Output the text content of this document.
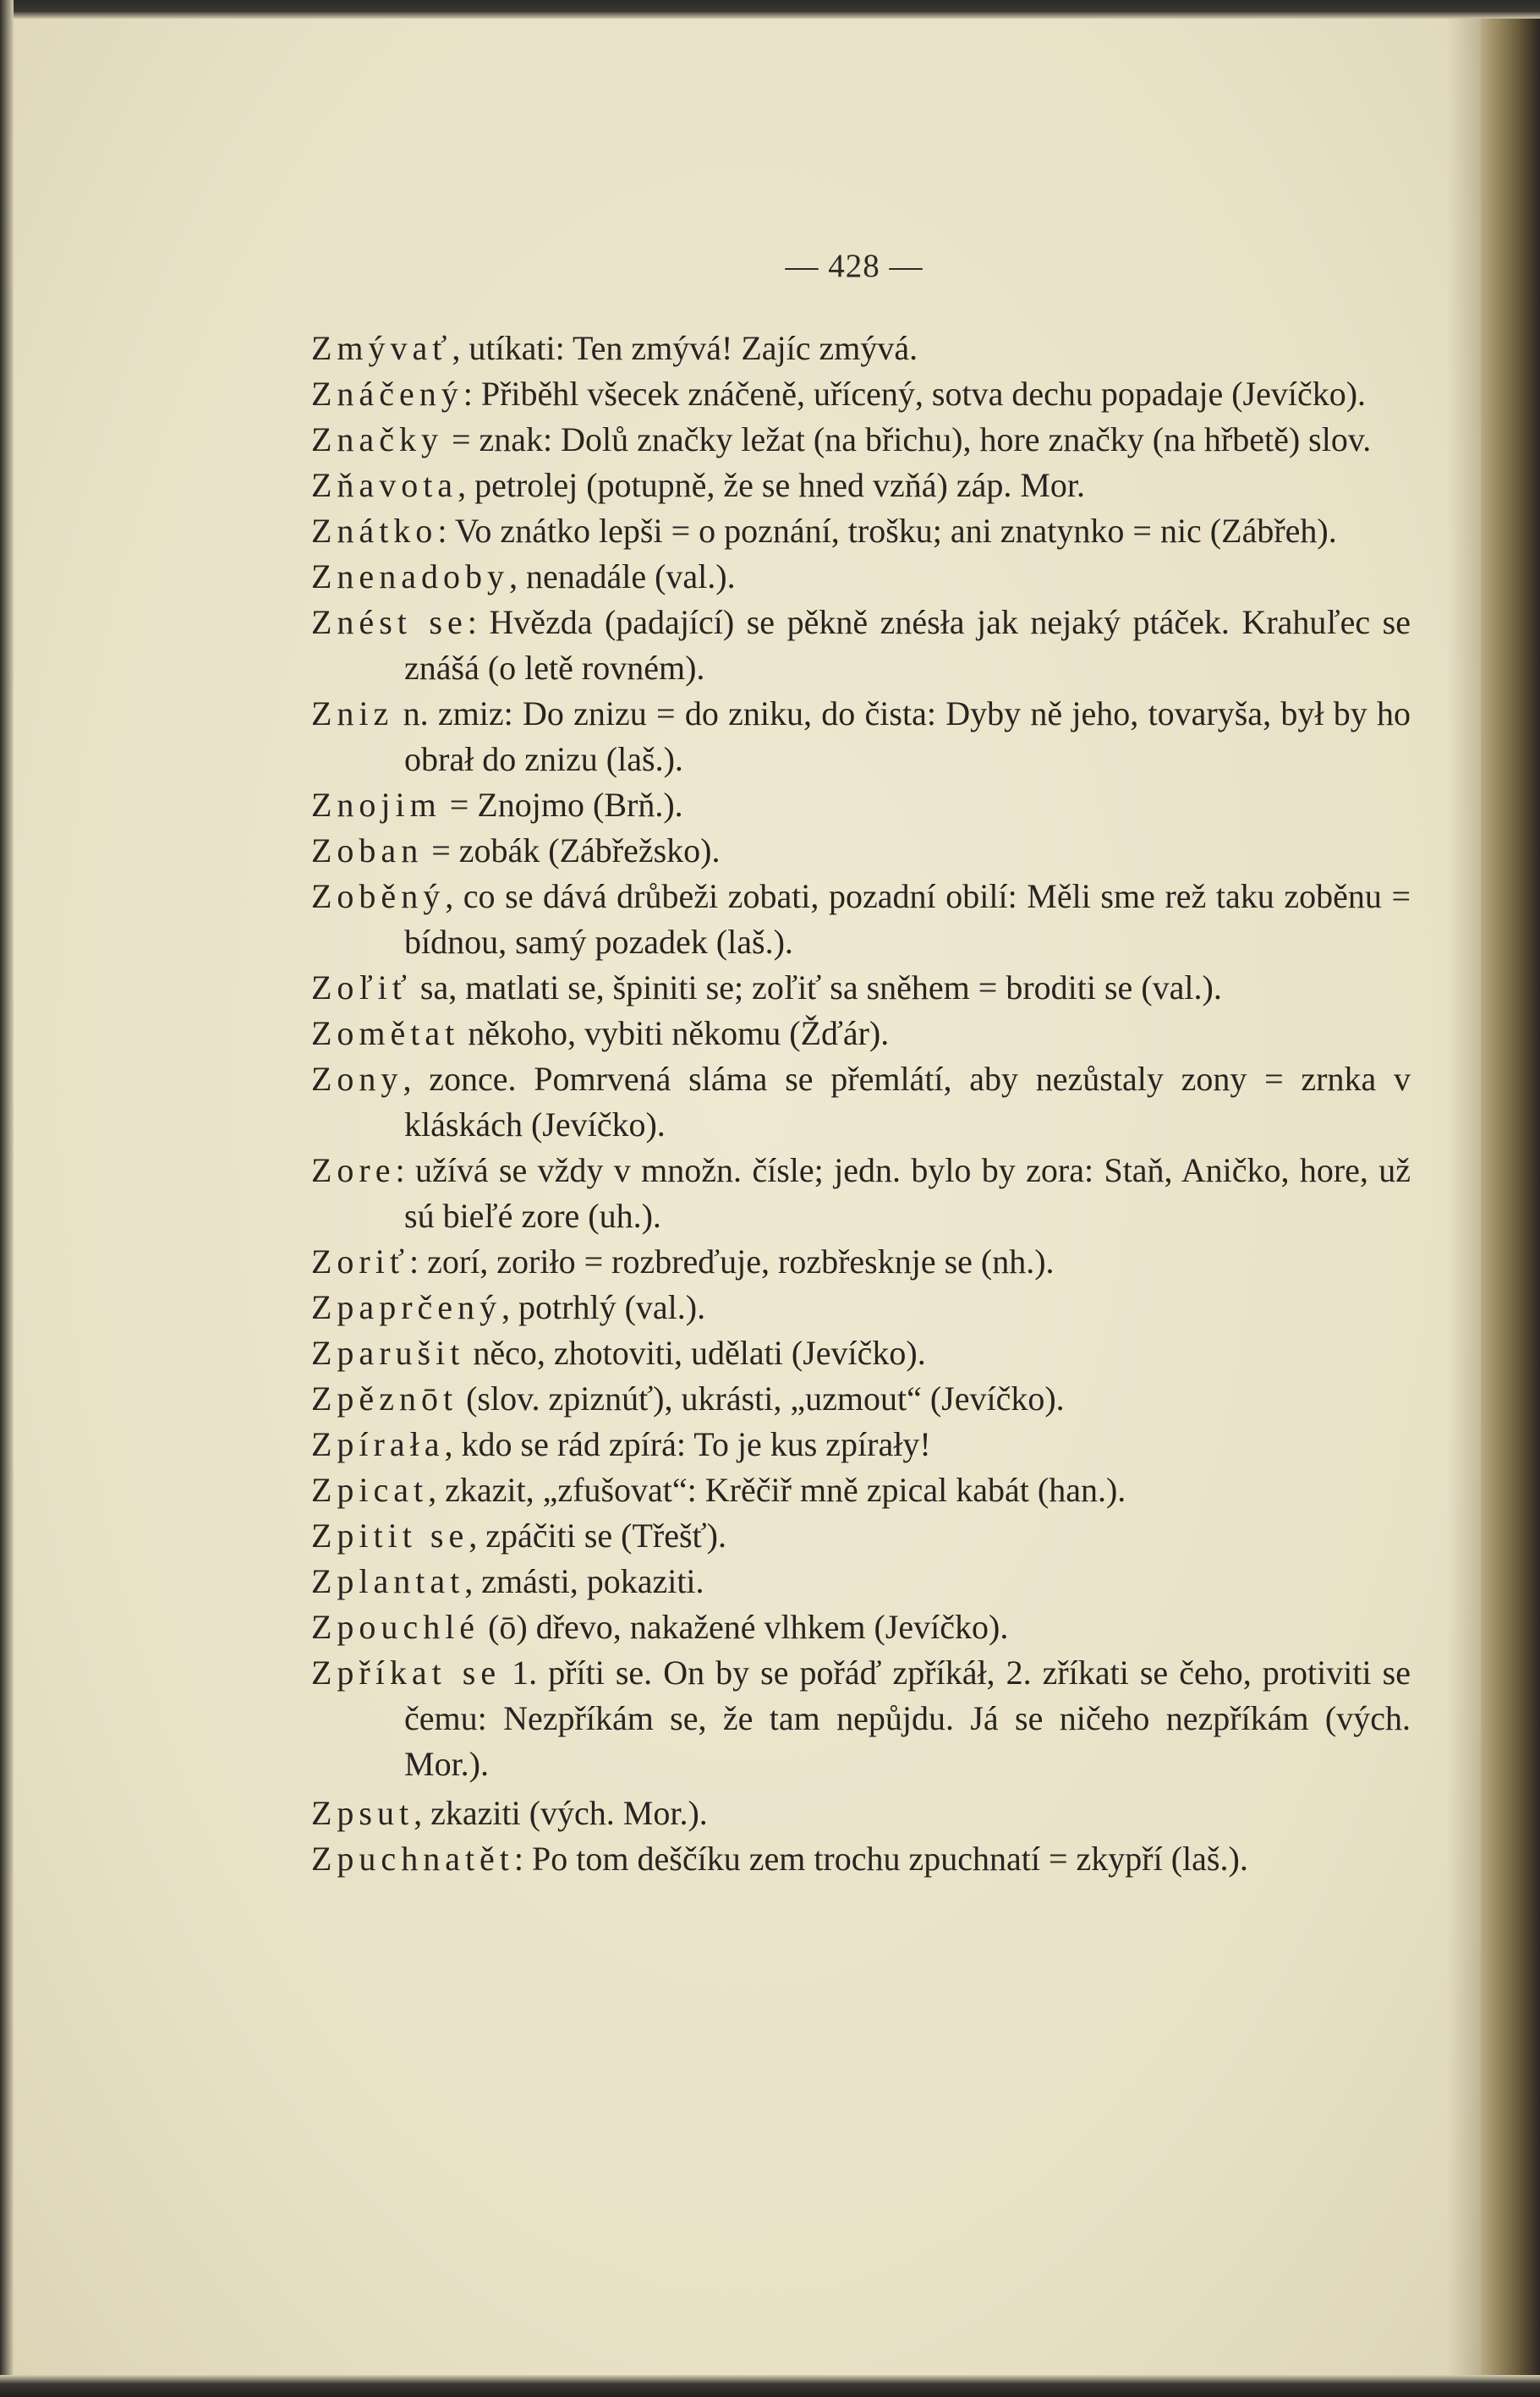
— 428 —

Zmývať, utíkati: Ten zmývá! Zajíc zmývá.

Znáčený: Přiběhl všecek znáčeně, uřícený, sotva dechu popadaje (Jevíčko).

Značky = znak: Dolů značky ležat (na břichu), hore značky (na hřbetě) slov.

Zňavota, petrolej (potupně, že se hned vzňá) záp. Mor.

Znátko: Vo znátko lepši = o poznání, trošku; ani znatynko = nic (Zábřeh).

Znenadoby, nenadále (val.).

Znést se: Hvězda (padající) se pěkně znésła jak nejaký ptáček. Krahuľec se znášá (o letě rovném).

Zniz n. zmiz: Do znizu = do zniku, do čista: Dyby ně jeho, tovaryša, był by ho obrał do znizu (laš.).

Znojim = Znojmo (Brň.).

Zoban = zobák (Zábřežsko).

Zoběný, co se dává drůbeži zobati, pozadní obilí: Měli sme rež taku zoběnu = bídnou, samý pozadek (laš.).

Zoľiť sa, matlati se, špiniti se; zoľiť sa sněhem = broditi se (val.).

Zomětat někoho, vybiti někomu (Žďár).

Zony, zonce. Pomrvená sláma se přemlátí, aby nezůstaly zony = zrnka v kláskách (Jevíčko).

Zore: užívá se vždy v množn. čísle; jedn. bylo by zora: Staň, Aničko, hore, už sú bieľé zore (uh.).

Zoriť: zorí, zoriło = rozbreďuje, rozbřesknje se (nh.).

Zpaprčený, potrhlý (val.).

Zparušit něco, zhotoviti, udělati (Jevíčko).

Zpěznōt (slov. zpiznúť), ukrásti, „uzmout“ (Jevíčko).

Zpírała, kdo se rád zpírá: To je kus zpírały!

Zpicat, zkazit, „zfušovat“: Krěčiř mně zpical kabát (han.).

Zpitit se, zpáčiti se (Třešť).

Zplantat, zmásti, pokaziti.

Zpouchlé (ō) dřevo, nakažené vlhkem (Jevíčko).

Zpříkat se 1. příti se. On by se pořáď zpříkáł, 2. zříkati se čeho, protiviti se čemu: Nezpříkám se, že tam nepůjdu. Já se ničeho nezpříkám (vých. Mor.).

Zpsut, zkaziti (vých. Mor.).

Zpuchnatět: Po tom deščíku zem trochu zpuchnatí = zkypří (laš.).
